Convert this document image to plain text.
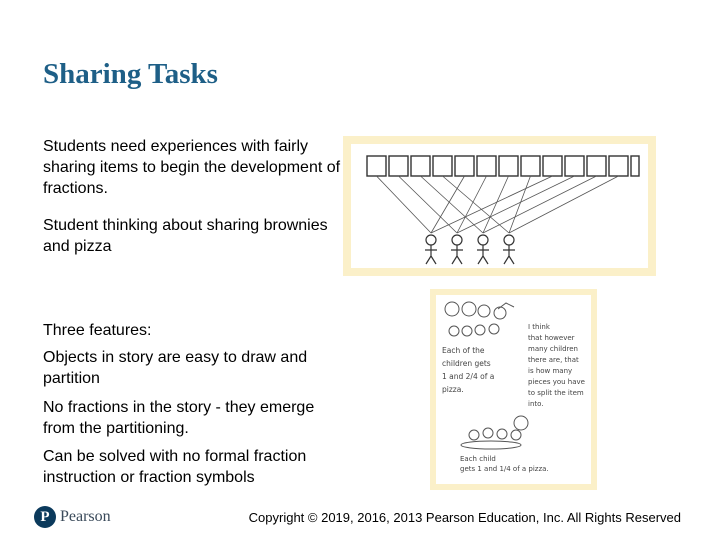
Sharing Tasks
Students need experiences with fairly sharing items to begin the development of fractions.
Student thinking about sharing brownies and pizza
Three features:
Objects in story are easy to draw and partition
No fractions in the story - they emerge from the partitioning.
Can be solved with no formal fraction instruction or fraction symbols
Each of the
children gets
1 and 2/4 of a
pizza.
I think
that however
many children
there are, that
is how many
pieces you have
to split the item
into.
Each child
gets 1 and 1/4 of a pizza.
P Pearson	Copyright © 2019, 2016, 2013 Pearson Education, Inc. All Rights Reserved
